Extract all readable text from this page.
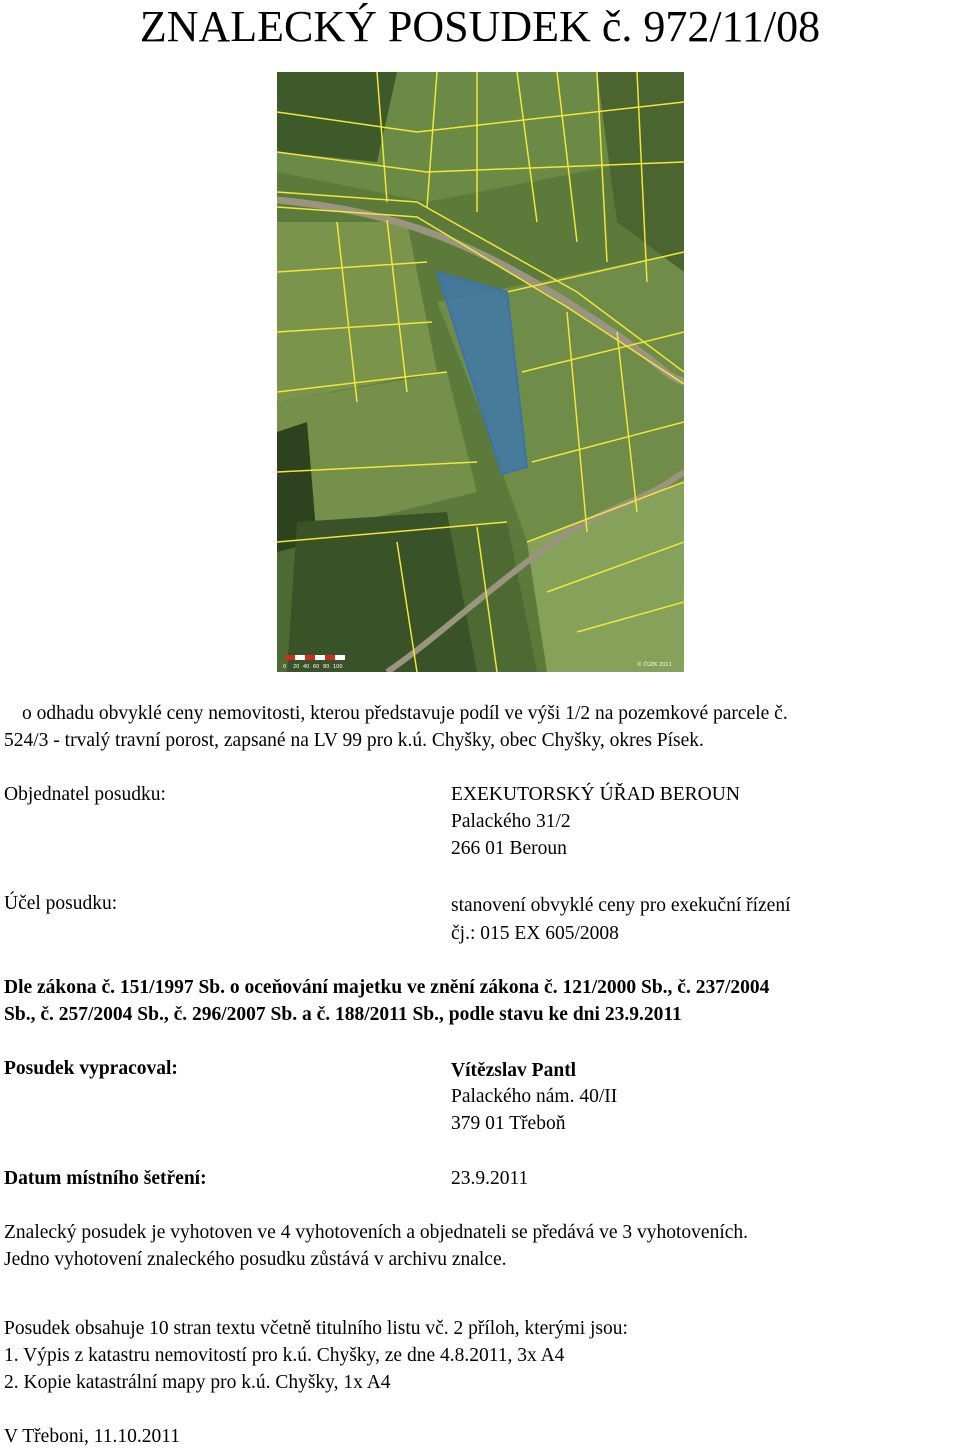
ZNALECKÝ POSUDEK č. 972/11/08
0 20 40 60 80 100	© ČÚZK 2011
o odhadu obvyklé ceny nemovitosti, kterou představuje podíl ve výši 1/2 na pozemkové parcele č.
524/3 - trvalý travní porost, zapsané na LV 99 pro k.ú. Chyšky, obec Chyšky, okres Písek.
Objednatel posudku:	EXEKUTORSKÝ ÚŘAD BEROUN
Palackého 31/2
266 01 Beroun
Účel posudku:	stanovení obvyklé ceny pro exekuční řízení
čj.: 015 EX 605/2008
Dle zákona č. 151/1997 Sb. o oceňování majetku ve znění zákona č. 121/2000 Sb., č. 237/2004
Sb., č. 257/2004 Sb., č. 296/2007 Sb. a č. 188/2011 Sb., podle stavu ke dni 23.9.2011
Posudek vypracoval:	Vítězslav Pantl
Palackého nám. 40/II
379 01 Třeboň
Datum místního šetření:	23.9.2011
Znalecký posudek je vyhotoven ve 4 vyhotoveních a objednateli se předává ve 3 vyhotoveních.
Jedno vyhotovení znaleckého posudku zůstává v archivu znalce.
Posudek obsahuje 10 stran textu včetně titulního listu vč. 2 příloh, kterými jsou:
1. Výpis z katastru nemovitostí pro k.ú. Chyšky, ze dne 4.8.2011, 3x A4
2. Kopie katastrální mapy pro k.ú. Chyšky, 1x A4
V Třeboni, 11.10.2011
